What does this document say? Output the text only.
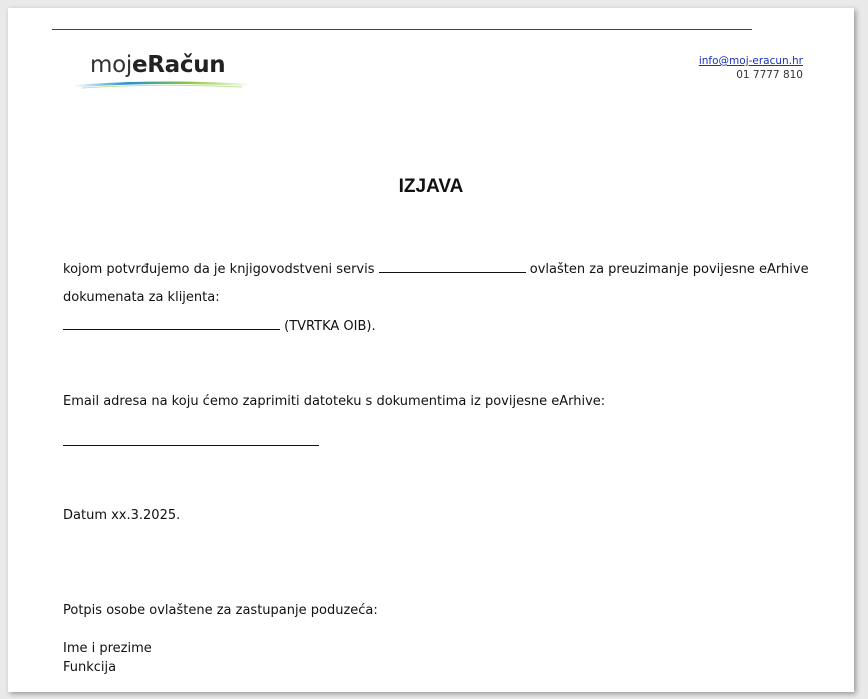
mojeRačun	info@moj-eracun.hr
01 7777 810
IZJAVA
kojom potvrđujemo da je knjigovodstveni servis	ovlašten za preuzimanje povijesne eArhive
dokumenata za klijenta:
(TVRTKA OIB).
Email adresa na koju ćemo zaprimiti datoteku s dokumentima iz povijesne eArhive:
Datum xx.3.2025.
Potpis osobe ovlaštene za zastupanje poduzeća:
Ime i prezime
Funkcija
